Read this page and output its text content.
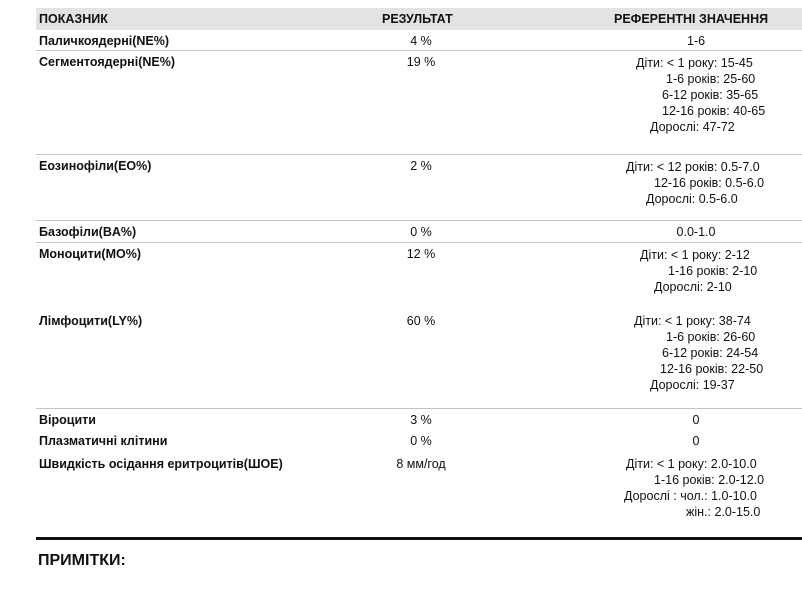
ПОКАЗНИК	РЕЗУЛЬТАТ	РЕФЕРЕНТНІ ЗНАЧЕННЯ
Паличкоядерні(NE%)	4 %	1-6
Сегментоядерні(NE%)	19 %	Діти: < 1 року: 15-45
1-6 років: 25-60
6-12 років: 35-65
12-16 років: 40-65
Дорослі: 47-72
Еозинофіли(EO%)	2 %	Діти: < 12 років: 0.5-7.0
12-16 років: 0.5-6.0
Дорослі: 0.5-6.0
Базофіли(BA%)	0 %	0.0-1.0
Моноцити(MO%)	12 %	Діти: < 1 року: 2-12
1-16 років: 2-10
Дорослі: 2-10
Лімфоцити(LY%)	60 %	Діти: < 1 року: 38-74
1-6 років: 26-60
6-12 років: 24-54
12-16 років: 22-50
Дорослі: 19-37
Віроцити	3 %	0
Плазматичні клітини	0 %	0
Швидкість осідання еритроцитів(ШОЕ)	8 мм/год	Діти: < 1 року: 2.0-10.0
1-16 років: 2.0-12.0
Дорослі : чол.: 1.0-10.0
жін.: 2.0-15.0
ПРИМІТКИ:
